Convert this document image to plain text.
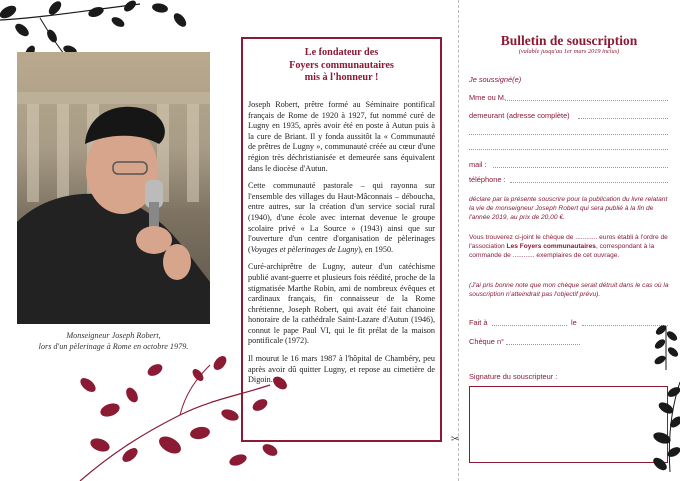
Monseigneur Joseph Robert,
lors d'un pèlerinage à Rome en octobre 1979.
Le fondateur des
Foyers communautaires
mis à l'honneur !

Joseph Robert, prêtre formé au Séminaire pontifical français de Rome de 1920 à 1927, fut nommé curé de Lugny en 1935, après avoir été en poste à Autun puis à la cure de Briant. Il y fonda aussitôt la « Communauté de prêtres de Lugny », communauté créée au cœur d'une région très déchristianisée et demeurée sans équivalent dans le diocèse d'Autun.

Cette communauté pastorale – qui rayonna sur l'ensemble des villages du Haut-Mâconnais – déboucha, entre autres, sur la création d'un service social rural (1940), d'une école avec internat devenue le groupe scolaire privé « La Source » (1943) ainsi que sur l'ouverture d'un centre d'organisation de pèlerinages (Voyages et pèlerinages de Lugny), en 1950.

Curé-archiprêtre de Lugny, auteur d'un catéchisme publié avant-guerre et plusieurs fois réédité, proche de la stigmatisée Marthe Robin, ami de nombreux évêques et cardinaux français, fin connaisseur de la Rome chrétienne, Joseph Robert, qui avait été fait chanoine honoraire de la cathédrale Saint-Lazare d'Autun (1946), connut le pape Paul VI, qui le fit prélat de la maison pontificale (1972).

Il mourut le 16 mars 1987 à l'hôpital de Chambéry, peu après avoir dû quitter Lugny, et repose au cimetière de Digoin.

✂
Bulletin de souscription
(valable jusqu'au 1er mars 2019 inclus)
Je soussigné(e)
Mme ou M.
demeurant (adresse complète)
mail :
téléphone :
déclare par la présente souscrire pour la publication du livre relatant la vie de monseigneur Joseph Robert qui sera publié à la fin de l'année 2019, au prix de 20,00 €.
Vous trouverez ci-joint le chèque de ............ euros établi à l'ordre de l'association Les Foyers communautaires, correspondant à la commande de ............ exemplaires de cet ouvrage.
(J'ai pris bonne note que mon chèque serait détruit dans le cas où la souscription n'atteindrait pas l'objectif prévu).
Fait à	le
Chèque n°
Signature du souscripteur :
